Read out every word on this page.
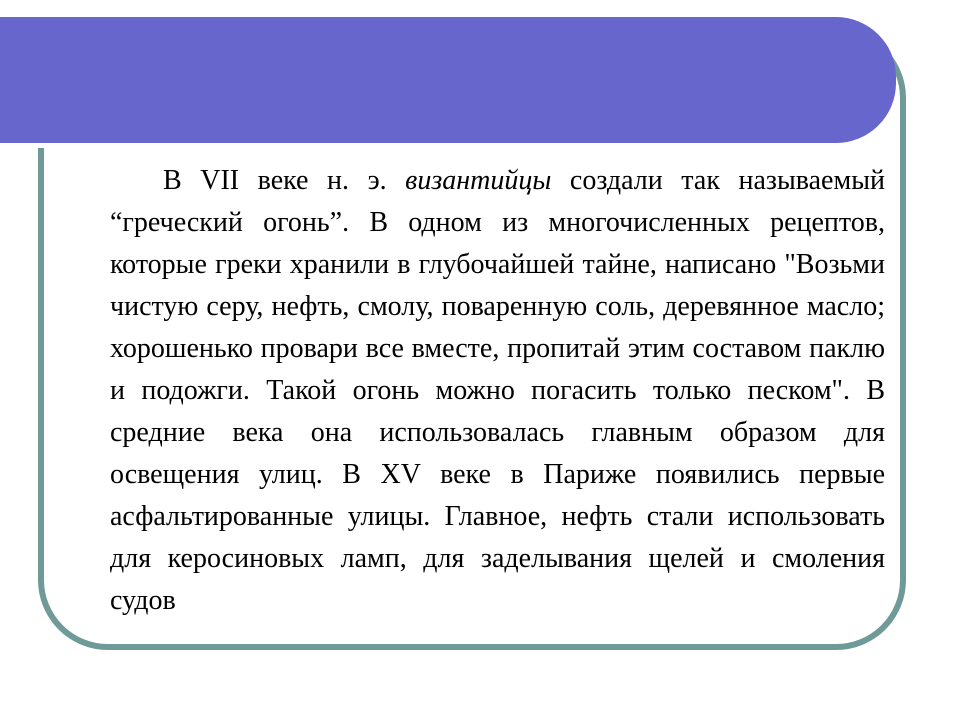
В VII веке н. э. византийцы создали так называемый “греческий огонь”. В одном из многочисленных рецептов, которые греки хранили в глубочайшей тайне, написано "Возьми чистую серу, нефть, смолу, поваренную соль, деревянное масло; хорошенько провари все вместе, пропитай этим составом паклю и подожги. Такой огонь можно погасить только песком". В средние века она использовалась главным образом для освещения улиц. В XV веке в Париже появились первые асфальтированные улицы. Главное, нефть стали использовать для керосиновых ламп, для заделывания щелей и смоления судов
